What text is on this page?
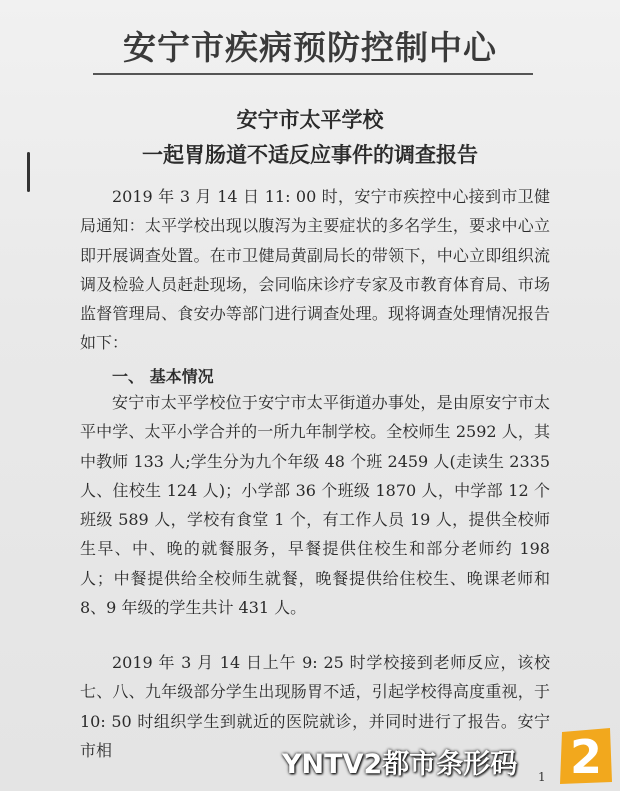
安宁市疾病预防控制中心
安宁市太平学校
一起胃肠道不适反应事件的调查报告

2019 年 3 月 14 日 11: 00 时，安宁市疾控中心接到市卫健局通知：太平学校出现以腹泻为主要症状的多名学生，要求中心立即开展调查处置。在市卫健局黄副局长的带领下，中心立即组织流调及检验人员赶赴现场，会同临床诊疗专家及市教育体育局、市场监督管理局、食安办等部门进行调查处理。现将调查处理情况报告如下：

一、 基本情况

安宁市太平学校位于安宁市太平街道办事处，是由原安宁市太平中学、太平小学合并的一所九年制学校。全校师生 2592 人，其中教师 133 人;学生分为九个年级 48 个班 2459 人(走读生 2335 人、住校生 124 人)；小学部 36 个班级 1870 人，中学部 12 个班级 589 人，学校有食堂 1 个，有工作人员 19 人，提供全校师生早、中、晚的就餐服务，早餐提供住校生和部分老师约 198 人；中餐提供给全校师生就餐，晚餐提供给住校生、晚课老师和 8、9 年级的学生共计 431 人。

2019 年 3 月 14 日上午 9: 25 时学校接到老师反应，该校七、八、九年级部分学生出现肠胃不适，引起学校得高度重视，于 10: 50 时组织学生到就近的医院就诊，并同时进行了报告。安宁市相

1
YNTV2都市条形码 2
